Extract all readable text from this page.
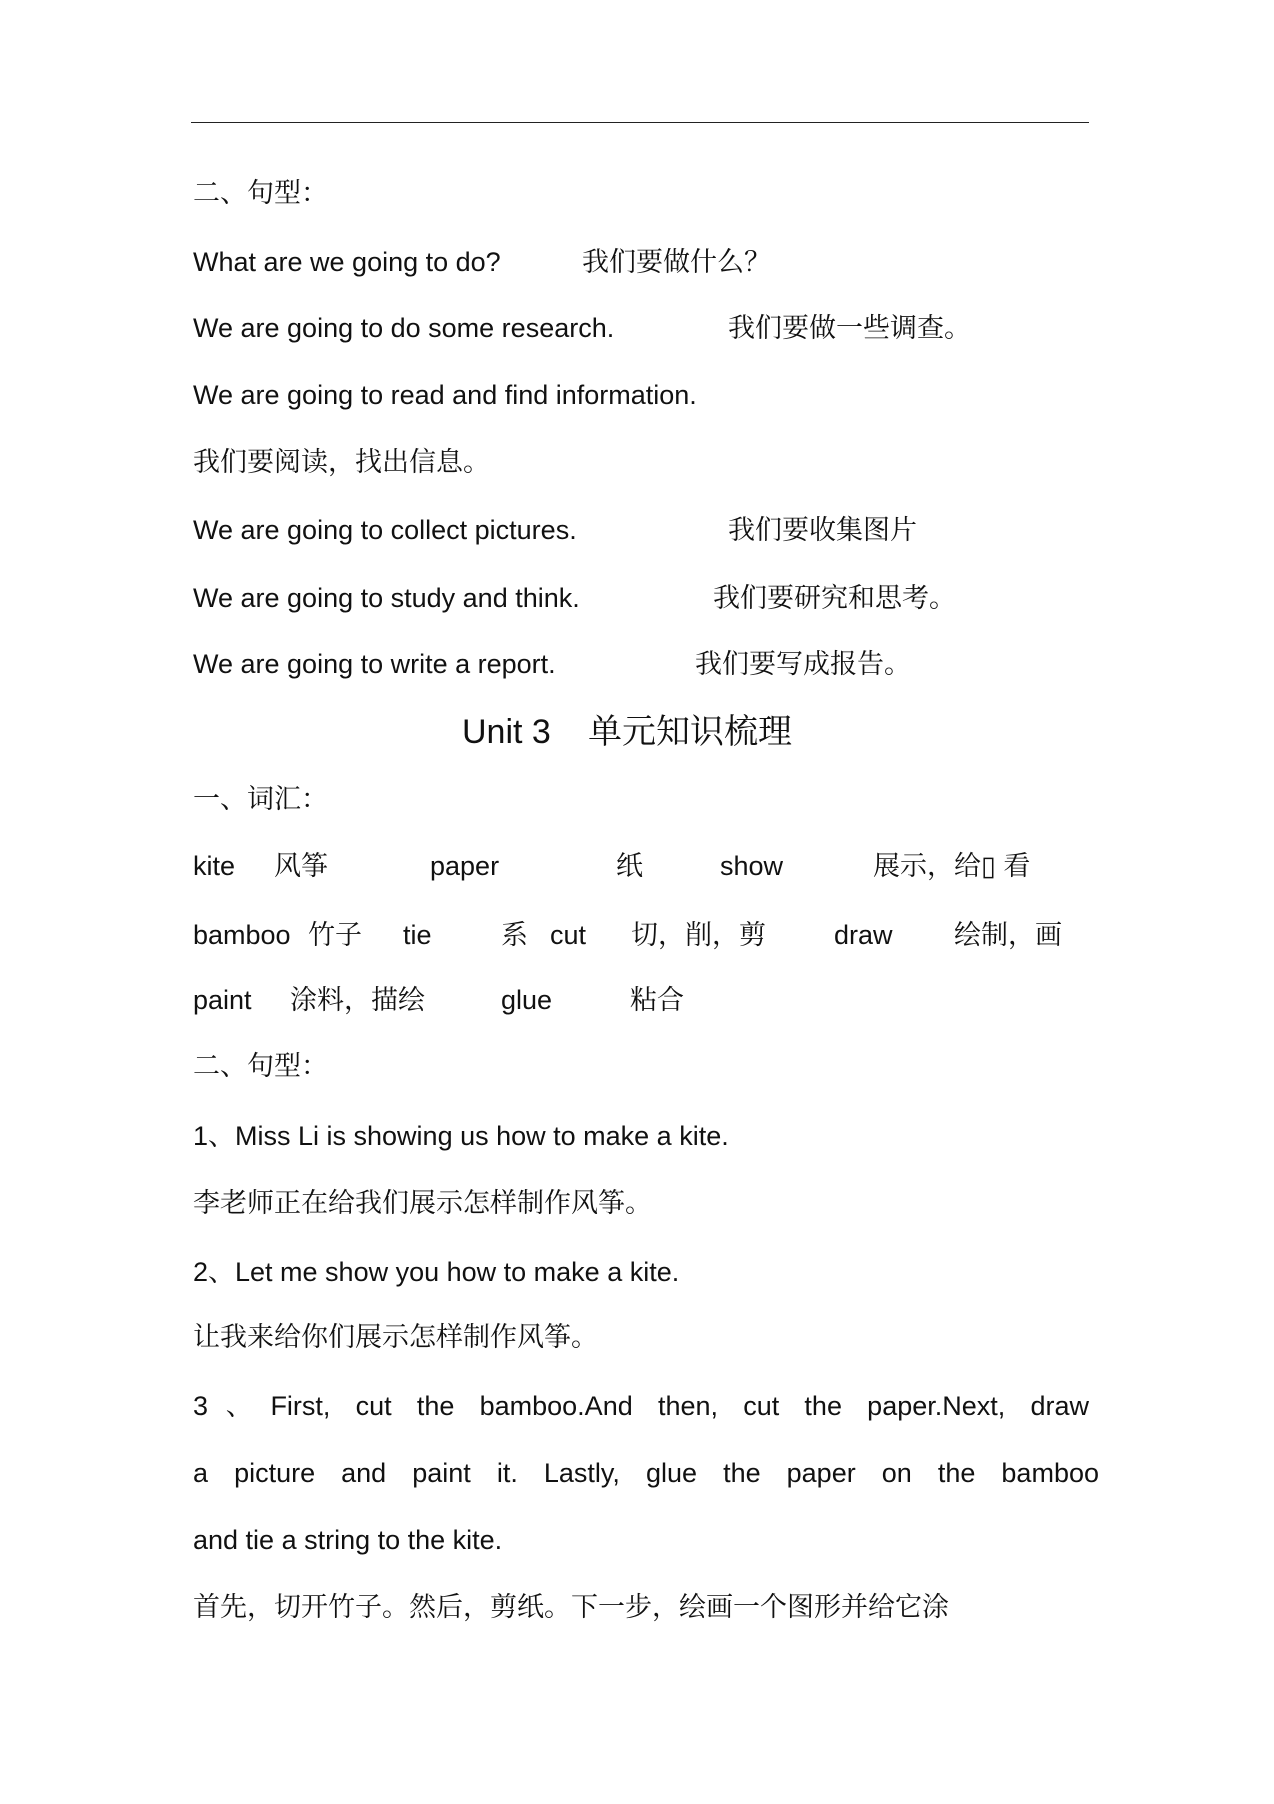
二、句型：
What are we going to do?	我们要做什么？
We are going to do some research.	我们要做一些调查。
We are going to read and find information.
我们要阅读，找出信息。
We are going to collect pictures.	我们要收集图片
We are going to study and think.	我们要研究和思考。
We are going to write a report.	我们要写成报告。
Unit 3 单元知识梳理
一、词汇：
kite 风筝	paper	纸	show	展示，给▯ 看
bamboo 竹子 tie	系 cut 切，削，剪	draw 绘制，画
paint 涂料，描绘	glue	粘合
二、句型：
1、Miss Li is showing us how to make a kite.
李老师正在给我们展示怎样制作风筝。
2、Let me show you how to make a kite.
让我来给你们展示怎样制作风筝。
3、First, cut the bamboo.And then, cut the paper.Next, draw
a picture and paint it. Lastly, glue the paper on the bamboo
and tie a string to the kite.
首先，切开竹子。然后，剪纸。下一步，绘画一个图形并给它涂
